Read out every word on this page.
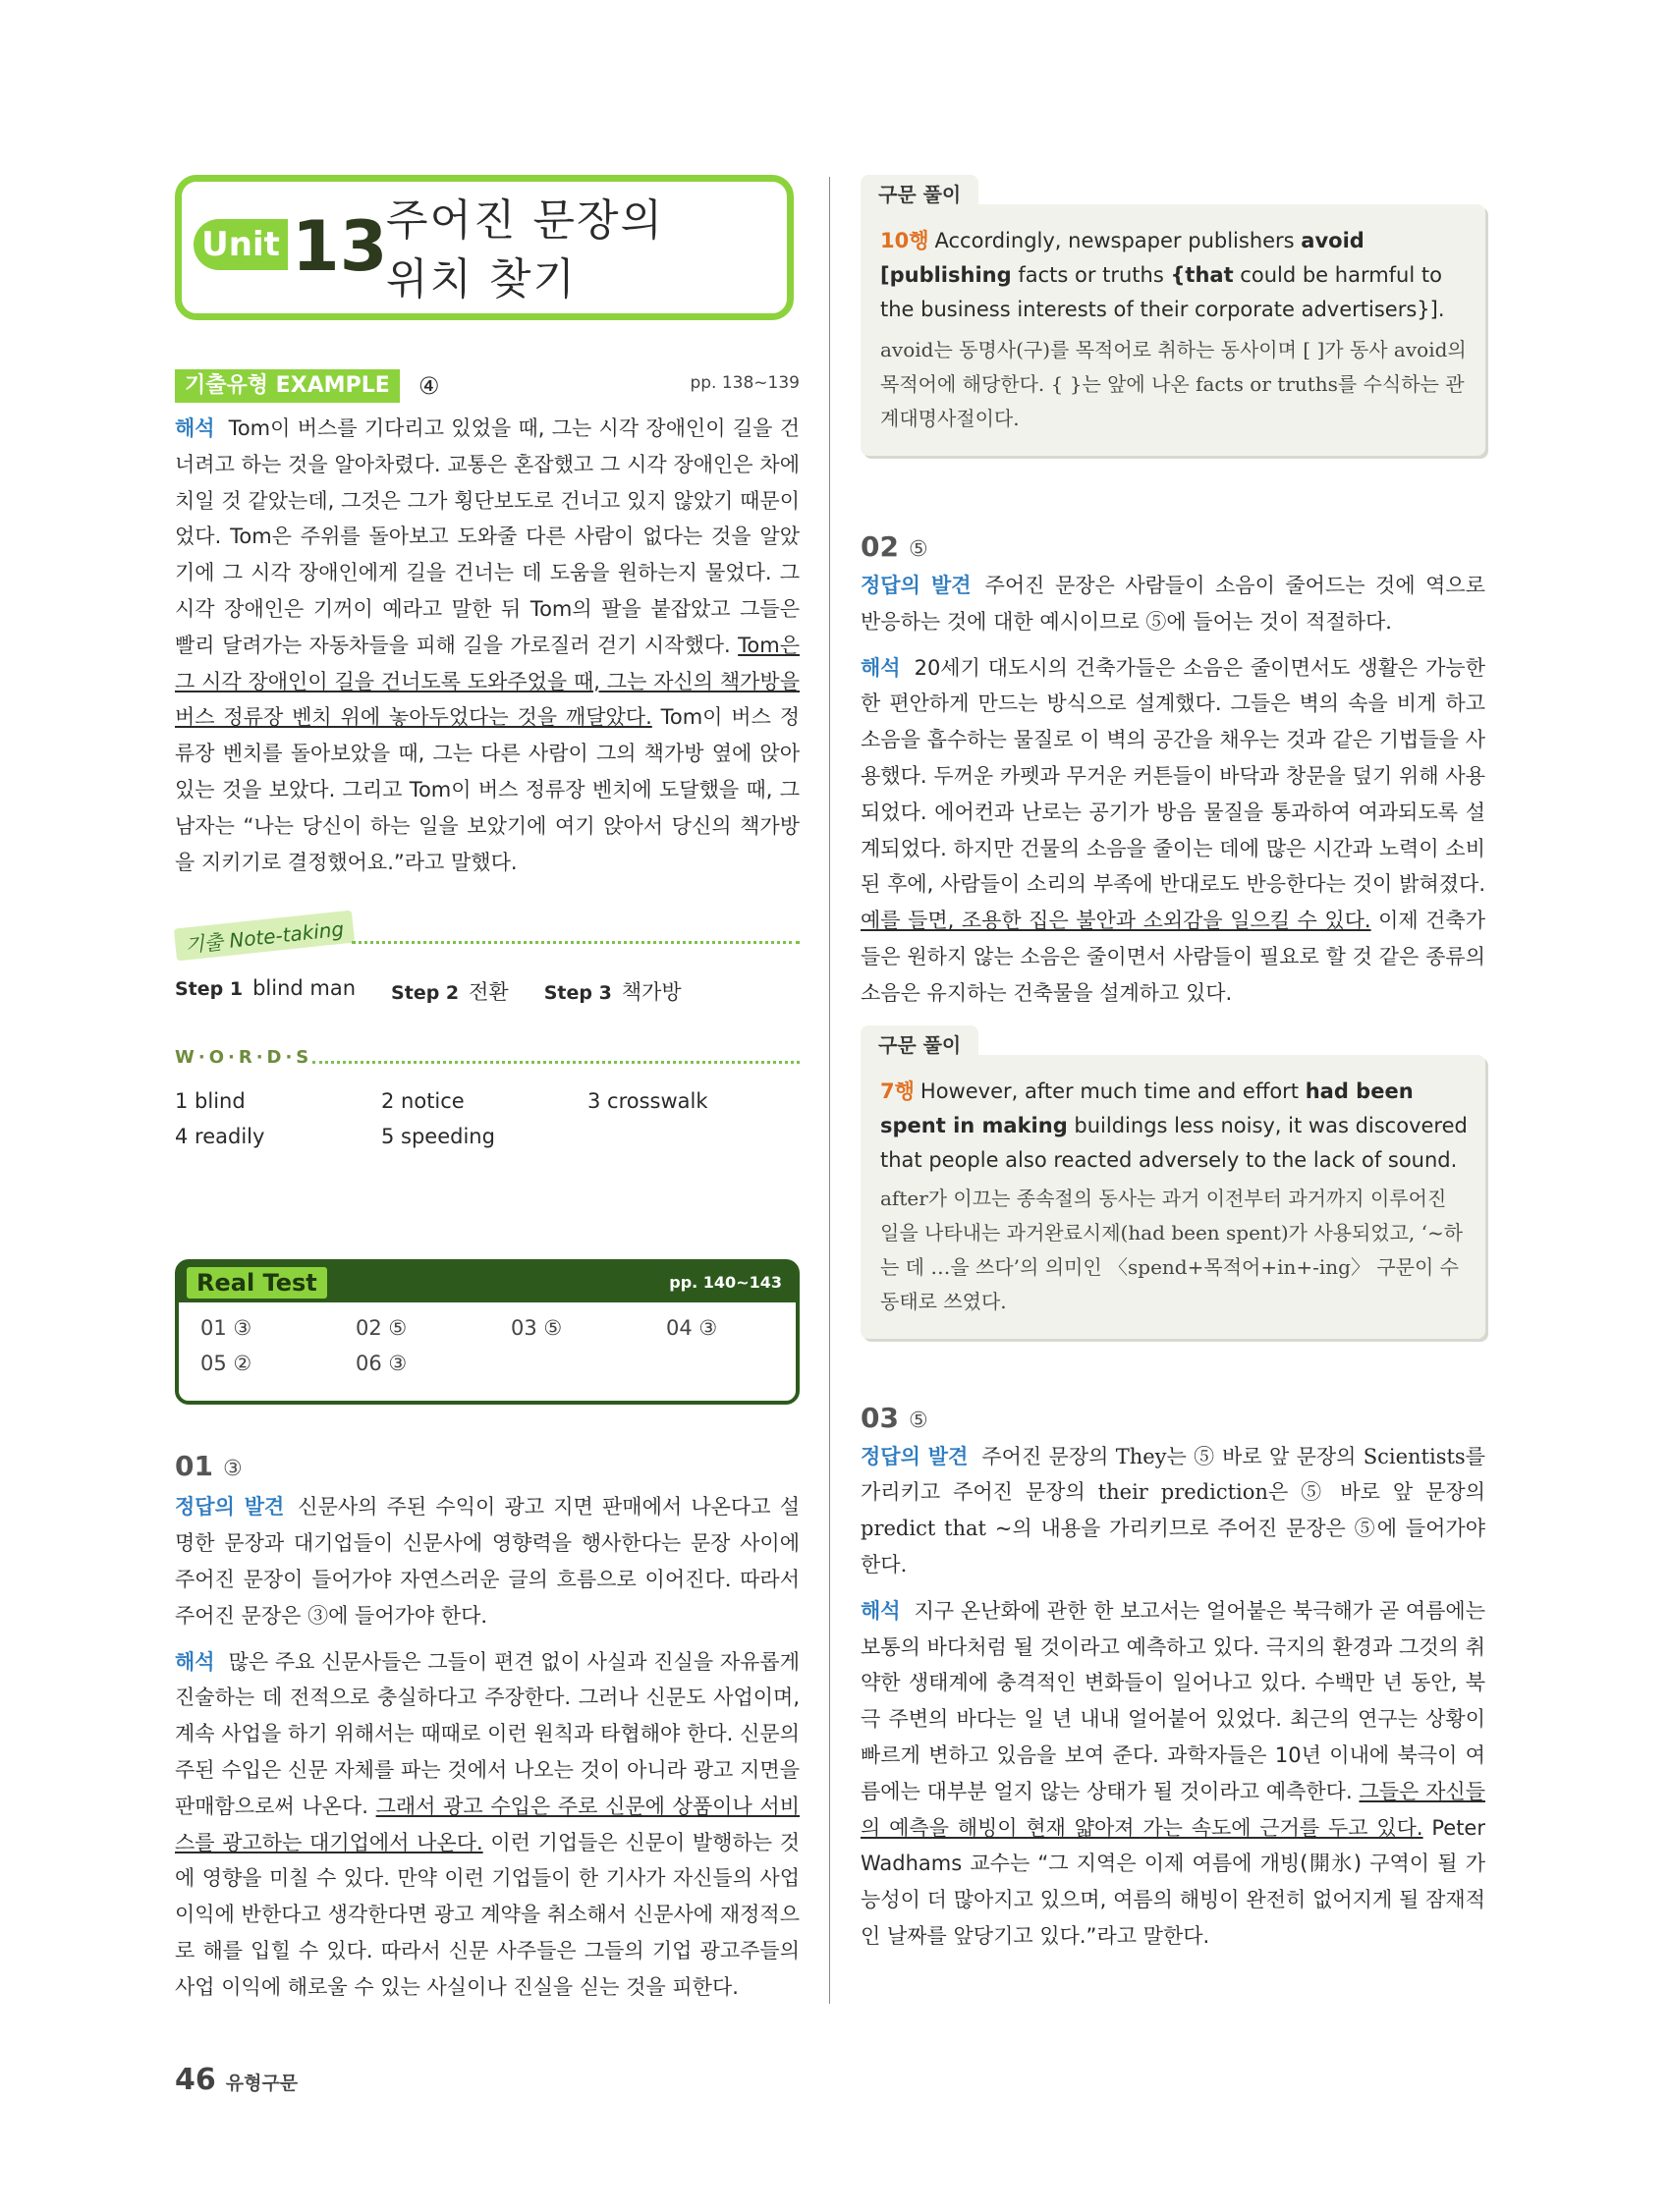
Unit 13
주어진 문장의
위치 찾기
기출유형 EXAMPLE ④	pp. 138~139

해석 Tom이 버스를 기다리고 있었을 때, 그는 시각 장애인이 길을 건너려고 하는 것을 알아차렸다. 교통은 혼잡했고 그 시각 장애인은 차에 치일 것 같았는데, 그것은 그가 횡단보도로 건너고 있지 않았기 때문이었다. Tom은 주위를 돌아보고 도와줄 다른 사람이 없다는 것을 알았기에 그 시각 장애인에게 길을 건너는 데 도움을 원하는지 물었다. 그 시각 장애인은 기꺼이 예라고 말한 뒤 Tom의 팔을 붙잡았고 그들은 빨리 달려가는 자동차들을 피해 길을 가로질러 걷기 시작했다. Tom은 그 시각 장애인이 길을 건너도록 도와주었을 때, 그는 자신의 책가방을 버스 정류장 벤치 위에 놓아두었다는 것을 깨달았다. Tom이 버스 정류장 벤치를 돌아보았을 때, 그는 다른 사람이 그의 책가방 옆에 앉아 있는 것을 보았다. 그리고 Tom이 버스 정류장 벤치에 도달했을 때, 그 남자는 “나는 당신이 하는 일을 보았기에 여기 앉아서 당신의 책가방을 지키기로 결정했어요.”라고 말했다.

기출 Note-taking
Step 1 blind man Step 2 전환 Step 3 책가방
W·O·R·D·S
1 blind	2 notice	3 crosswalk
4 readily	5 speeding
Real Test	pp. 140~143
01 ③	02 ⑤	03 ⑤	04 ③
05 ②	06 ③
01 ③

정답의 발견 신문사의 주된 수익이 광고 지면 판매에서 나온다고 설명한 문장과 대기업들이 신문사에 영향력을 행사한다는 문장 사이에 주어진 문장이 들어가야 자연스러운 글의 흐름으로 이어진다. 따라서 주어진 문장은 ③에 들어가야 한다.

해석 많은 주요 신문사들은 그들이 편견 없이 사실과 진실을 자유롭게 진술하는 데 전적으로 충실하다고 주장한다. 그러나 신문도 사업이며, 계속 사업을 하기 위해서는 때때로 이런 원칙과 타협해야 한다. 신문의 주된 수입은 신문 자체를 파는 것에서 나오는 것이 아니라 광고 지면을 판매함으로써 나온다. 그래서 광고 수입은 주로 신문에 상품이나 서비스를 광고하는 대기업에서 나온다. 이런 기업들은 신문이 발행하는 것에 영향을 미칠 수 있다. 만약 이런 기업들이 한 기사가 자신들의 사업 이익에 반한다고 생각한다면 광고 계약을 취소해서 신문사에 재정적으로 해를 입힐 수 있다. 따라서 신문 사주들은 그들의 기업 광고주들의 사업 이익에 해로울 수 있는 사실이나 진실을 싣는 것을 피한다.

구문 풀이
10행 Accordingly, newspaper publishers avoid [publishing facts or truths {that could be harmful to the business interests of their corporate advertisers}].
avoid는 동명사(구)를 목적어로 취하는 동사이며 [ ]가 동사 avoid의 목적어에 해당한다. { }는 앞에 나온 facts or truths를 수식하는 관계대명사절이다.
02 ⑤

정답의 발견 주어진 문장은 사람들이 소음이 줄어드는 것에 역으로 반응하는 것에 대한 예시이므로 ⑤에 들어는 것이 적절하다.

해석 20세기 대도시의 건축가들은 소음은 줄이면서도 생활은 가능한 한 편안하게 만드는 방식으로 설계했다. 그들은 벽의 속을 비게 하고 소음을 흡수하는 물질로 이 벽의 공간을 채우는 것과 같은 기법들을 사용했다. 두꺼운 카펫과 무거운 커튼들이 바닥과 창문을 덮기 위해 사용되었다. 에어컨과 난로는 공기가 방음 물질을 통과하여 여과되도록 설계되었다. 하지만 건물의 소음을 줄이는 데에 많은 시간과 노력이 소비된 후에, 사람들이 소리의 부족에 반대로도 반응한다는 것이 밝혀졌다. 예를 들면, 조용한 집은 불안과 소외감을 일으킬 수 있다. 이제 건축가들은 원하지 않는 소음은 줄이면서 사람들이 필요로 할 것 같은 종류의 소음은 유지하는 건축물을 설계하고 있다.

구문 풀이
7행 However, after much time and effort had been spent in making buildings less noisy, it was discovered that people also reacted adversely to the lack of sound.
after가 이끄는 종속절의 동사는 과거 이전부터 과거까지 이루어진 일을 나타내는 과거완료시제(had been spent)가 사용되었고, ‘~하는 데 …을 쓰다’의 의미인 〈spend+목적어+in+-ing〉 구문이 수동태로 쓰였다.
03 ⑤

정답의 발견 주어진 문장의 They는 ⑤ 바로 앞 문장의 Scientists를 가리키고 주어진 문장의 their prediction은 ⑤ 바로 앞 문장의 predict that ~의 내용을 가리키므로 주어진 문장은 ⑤에 들어가야 한다.

해석 지구 온난화에 관한 한 보고서는 얼어붙은 북극해가 곧 여름에는 보통의 바다처럼 될 것이라고 예측하고 있다. 극지의 환경과 그것의 취약한 생태계에 충격적인 변화들이 일어나고 있다. 수백만 년 동안, 북극 주변의 바다는 일 년 내내 얼어붙어 있었다. 최근의 연구는 상황이 빠르게 변하고 있음을 보여 준다. 과학자들은 10년 이내에 북극이 여름에는 대부분 얼지 않는 상태가 될 것이라고 예측한다. 그들은 자신들의 예측을 해빙이 현재 얇아져 가는 속도에 근거를 두고 있다. Peter Wadhams 교수는 “그 지역은 이제 여름에 개빙(開氷) 구역이 될 가능성이 더 많아지고 있으며, 여름의 해빙이 완전히 없어지게 될 잠재적인 날짜를 앞당기고 있다.”라고 말한다.

46 유형구문
